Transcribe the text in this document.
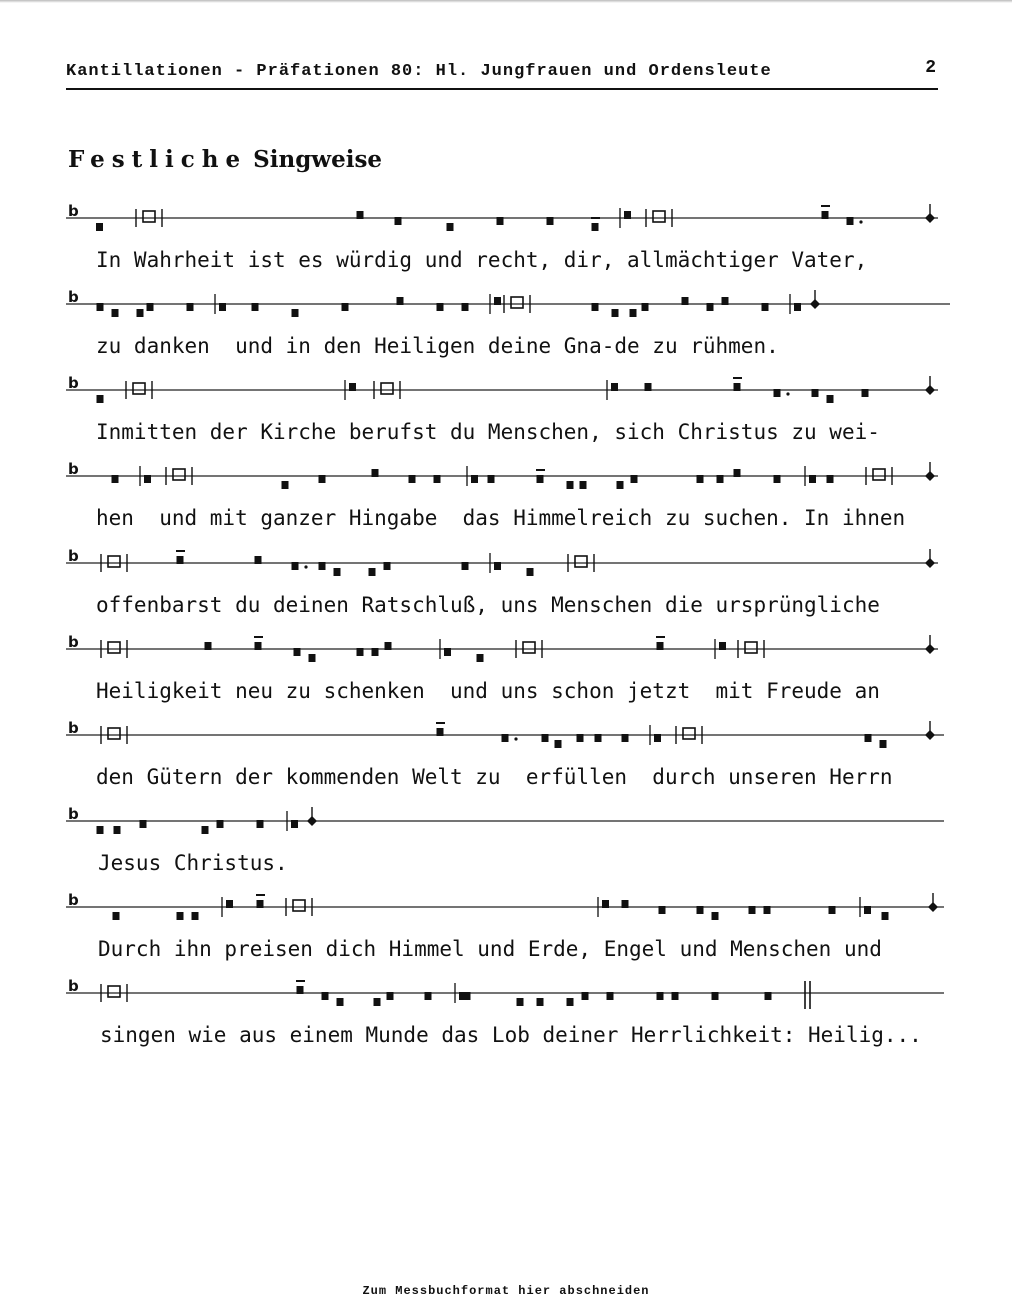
Kantillationen - Präfationen 80: Hl. Jungfrauen und Ordensleute	2
Festliche Singweise
b
In Wahrheit ist es würdig und recht, dir, allmächtiger Vater,
b
zu danken  und in den Heiligen deine Gna-de zu rühmen.
b
Inmitten der Kirche berufst du Menschen, sich Christus zu wei-
b
hen  und mit ganzer Hingabe  das Himmelreich zu suchen. In ihnen
b
offenbarst du deinen Ratschluß, uns Menschen die ursprüngliche
b
Heiligkeit neu zu schenken  und uns schon jetzt  mit Freude an
b
den Gütern der kommenden Welt zu  erfüllen  durch unseren Herrn
b
Jesus Christus.
b
Durch ihn preisen dich Himmel und Erde, Engel und Menschen und
b
singen wie aus einem Munde das Lob deiner Herrlichkeit: Heilig...
Zum Messbuchformat hier abschneiden
